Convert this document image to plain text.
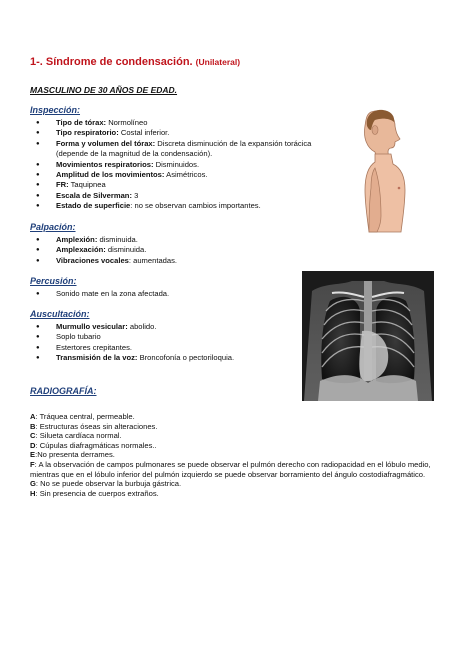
1-. Síndrome de condensación. (Unilateral)
MASCULINO DE 30 AÑOS DE EDAD.
Inspección:
● Tipo de tórax: Normolíneo
● Tipo respiratorio: Costal inferior.
● Forma y volumen del tórax: Discreta disminución de la expansión torácica (depende de la magnitud de la condensación).
● Movimientos respiratorios: Disminuidos.
● Amplitud de los movimientos: Asimétricos.
● FR: Taquipnea
● Escala de Silverman: 3
● Estado de superficie: no se observan cambios importantes.
Palpación:
● Amplexión: disminuida.
● Amplexación: disminuida.
● Vibraciones vocales: aumentadas.
Percusión:
● Sonido mate en la zona afectada.
Auscultación:
● Murmullo vesicular: abolido.
● Soplo tubario
● Estertores crepitantes.
● Transmisión de la voz: Broncofonía o pectoriloquia.
RADIOGRAFÍA:
A: Tráquea central, permeable.
B: Estructuras óseas sin alteraciones.
C: Silueta cardíaca normal.
D: Cúpulas diafragmáticas normales..
E:No presenta derrames.
F: A la observación de campos pulmonares se puede observar el pulmón derecho con radiopacidad en el lóbulo medio, mientras que en el lóbulo inferior del pulmón izquierdo se puede observar borramiento del ángulo costodiafragmático.
G: No se puede observar la burbuja gástrica.
H: Sin presencia de cuerpos extraños.
